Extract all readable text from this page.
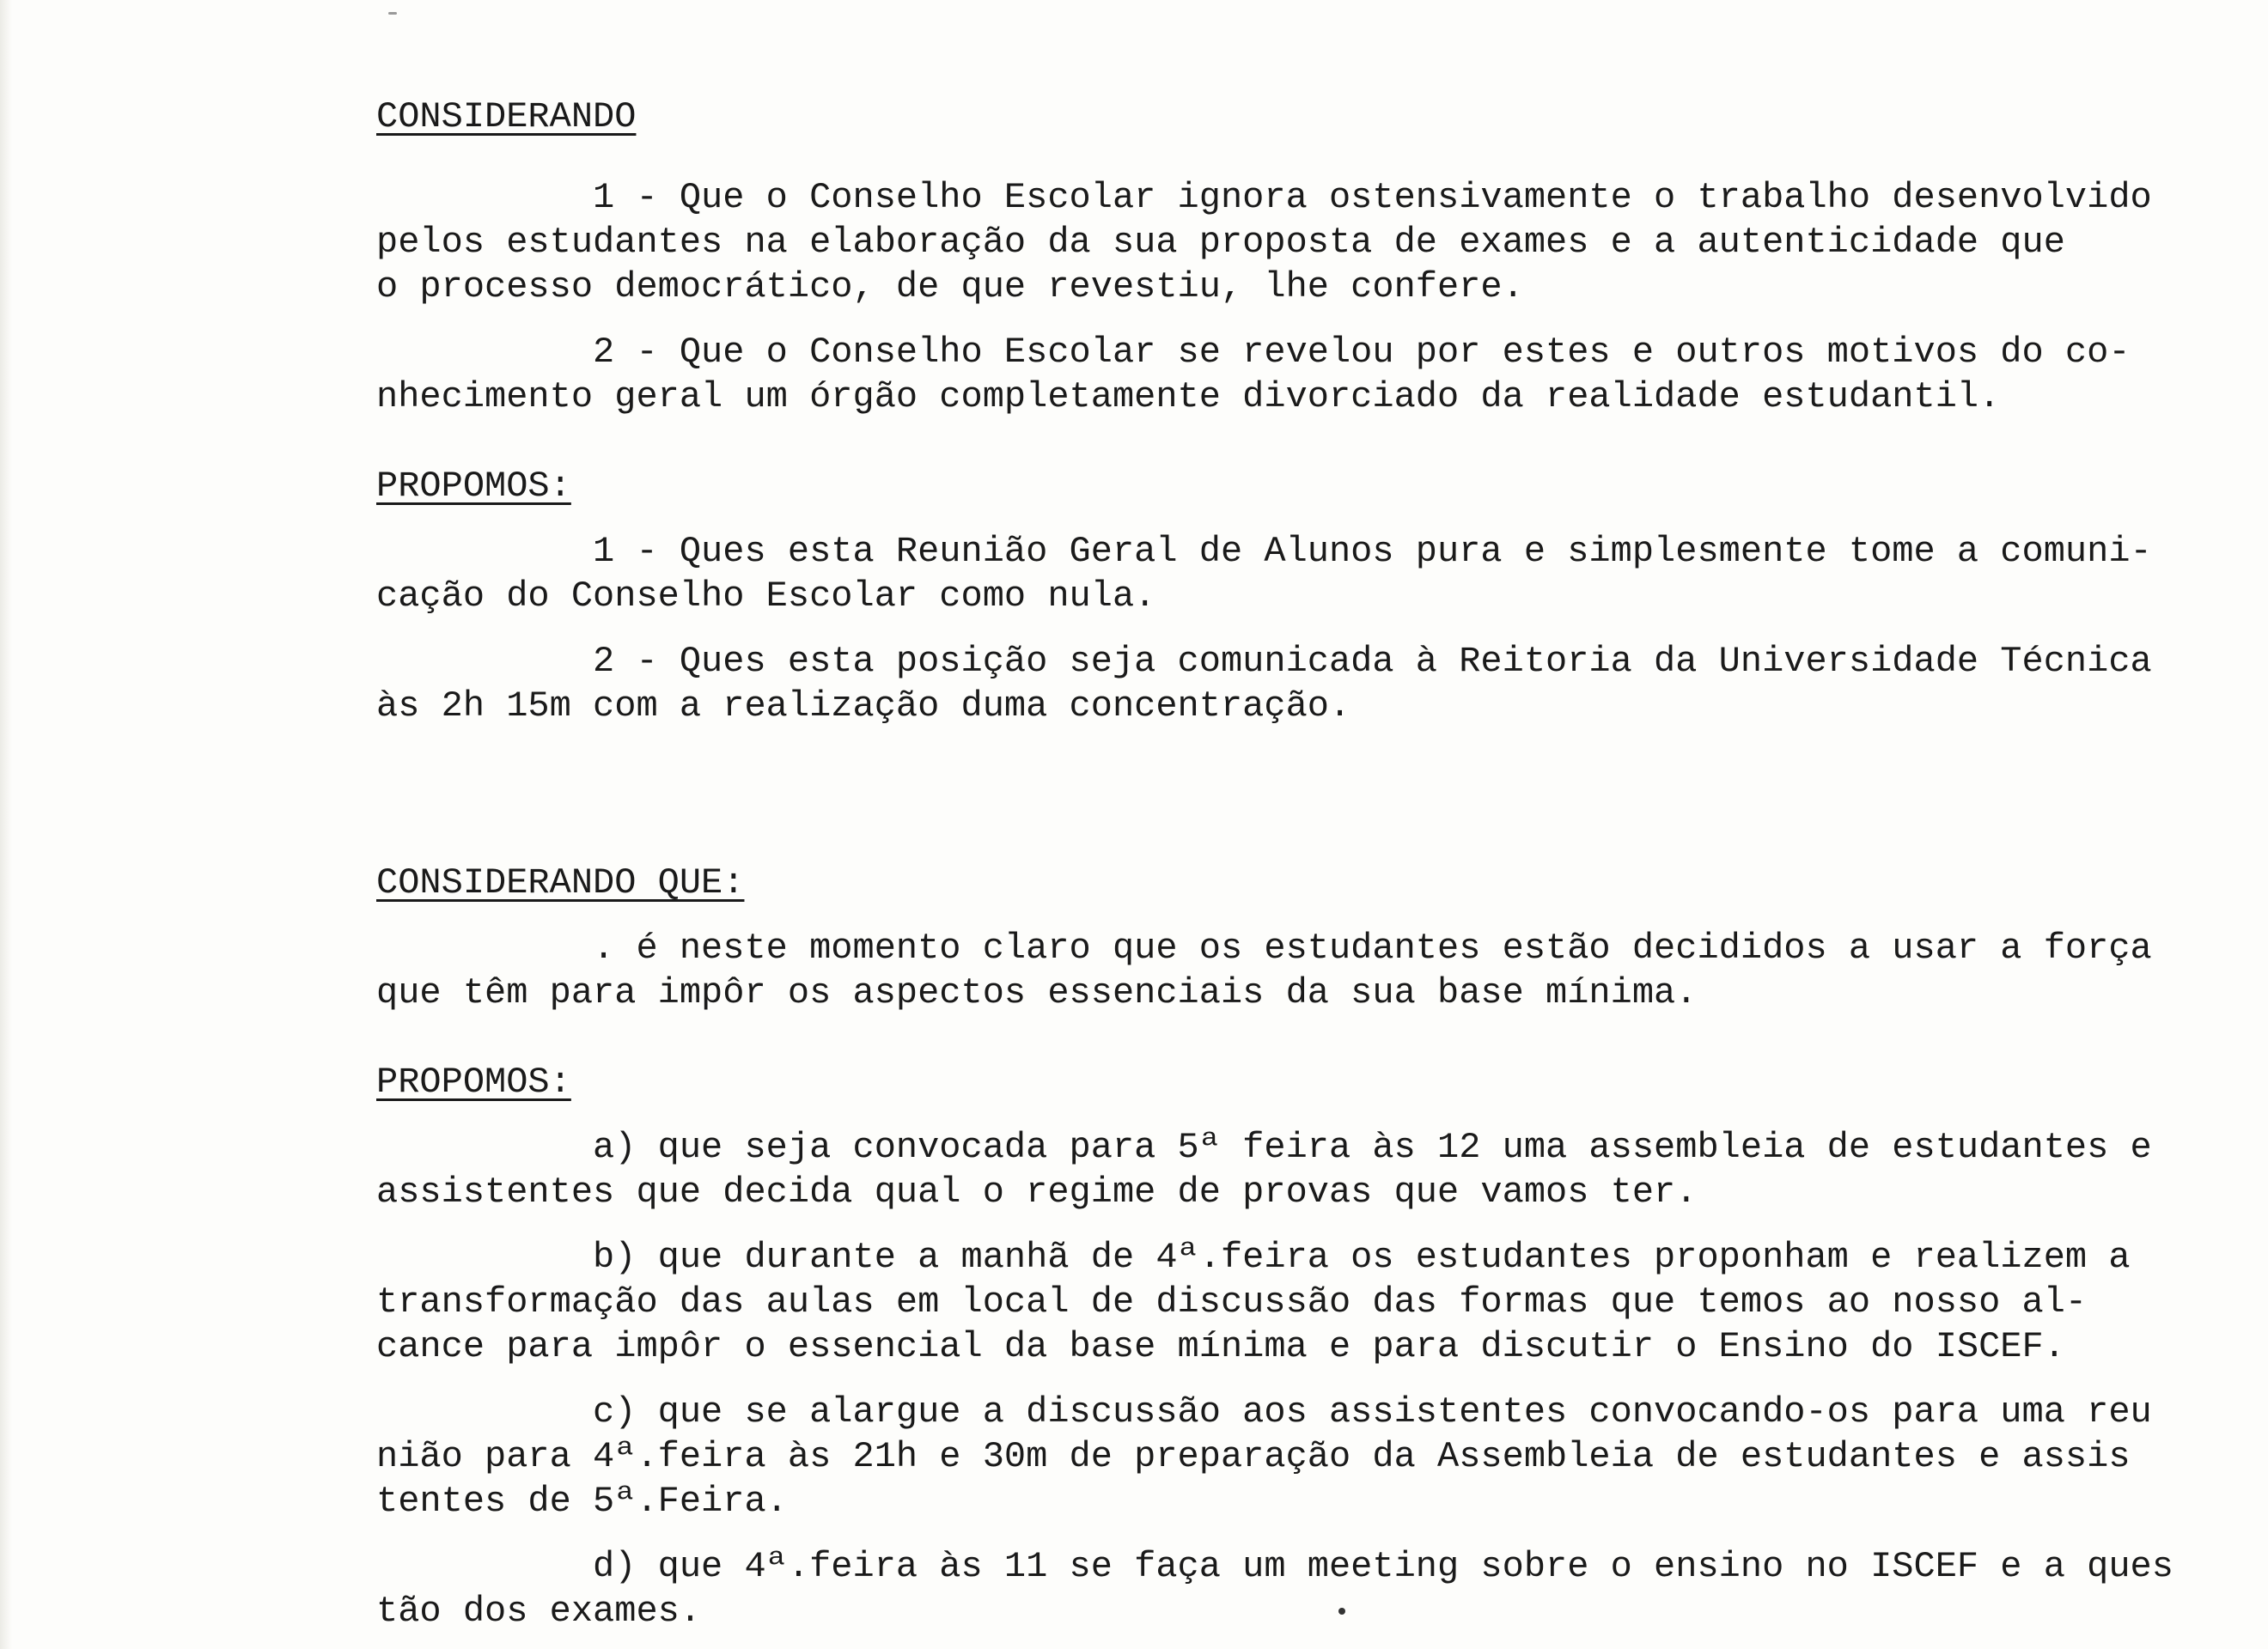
CONSIDERANDO
1 - Que o Conselho Escolar ignora ostensivamente o trabalho desenvolvido
pelos estudantes na elaboração da sua proposta de exames e a autenticidade que
o processo democrático, de que revestiu, lhe confere.
2 - Que o Conselho Escolar se revelou por estes e outros motivos do co-
nhecimento geral um órgão completamente divorciado da realidade estudantil.
PROPOMOS:
1 - Ques esta Reunião Geral de Alunos pura e simplesmente tome a comuni-
cação do Conselho Escolar como nula.
2 - Ques esta posição seja comunicada à Reitoria da Universidade Técnica
às 2h 15m com a realização duma concentração.
CONSIDERANDO QUE:
. é neste momento claro que os estudantes estão decididos a usar a força
que têm para impôr os aspectos essenciais da sua base mínima.
PROPOMOS:
a) que seja convocada para 5ª feira às 12 uma assembleia de estudantes e
assistentes que decida qual o regime de provas que vamos ter.
b) que durante a manhã de 4ª.feira os estudantes proponham e realizem a
transformação das aulas em local de discussão das formas que temos ao nosso al-
cance para impôr o essencial da base mínima e para discutir o Ensino do ISCEF.
c) que se alargue a discussão aos assistentes convocando-os para uma reu
nião para 4ª.feira às 21h e 30m de preparação da Assembleia de estudantes e assis
tentes de 5ª.Feira.
d) que 4ª.feira às 11 se faça um meeting sobre o ensino no ISCEF e a ques
tão dos exames.
